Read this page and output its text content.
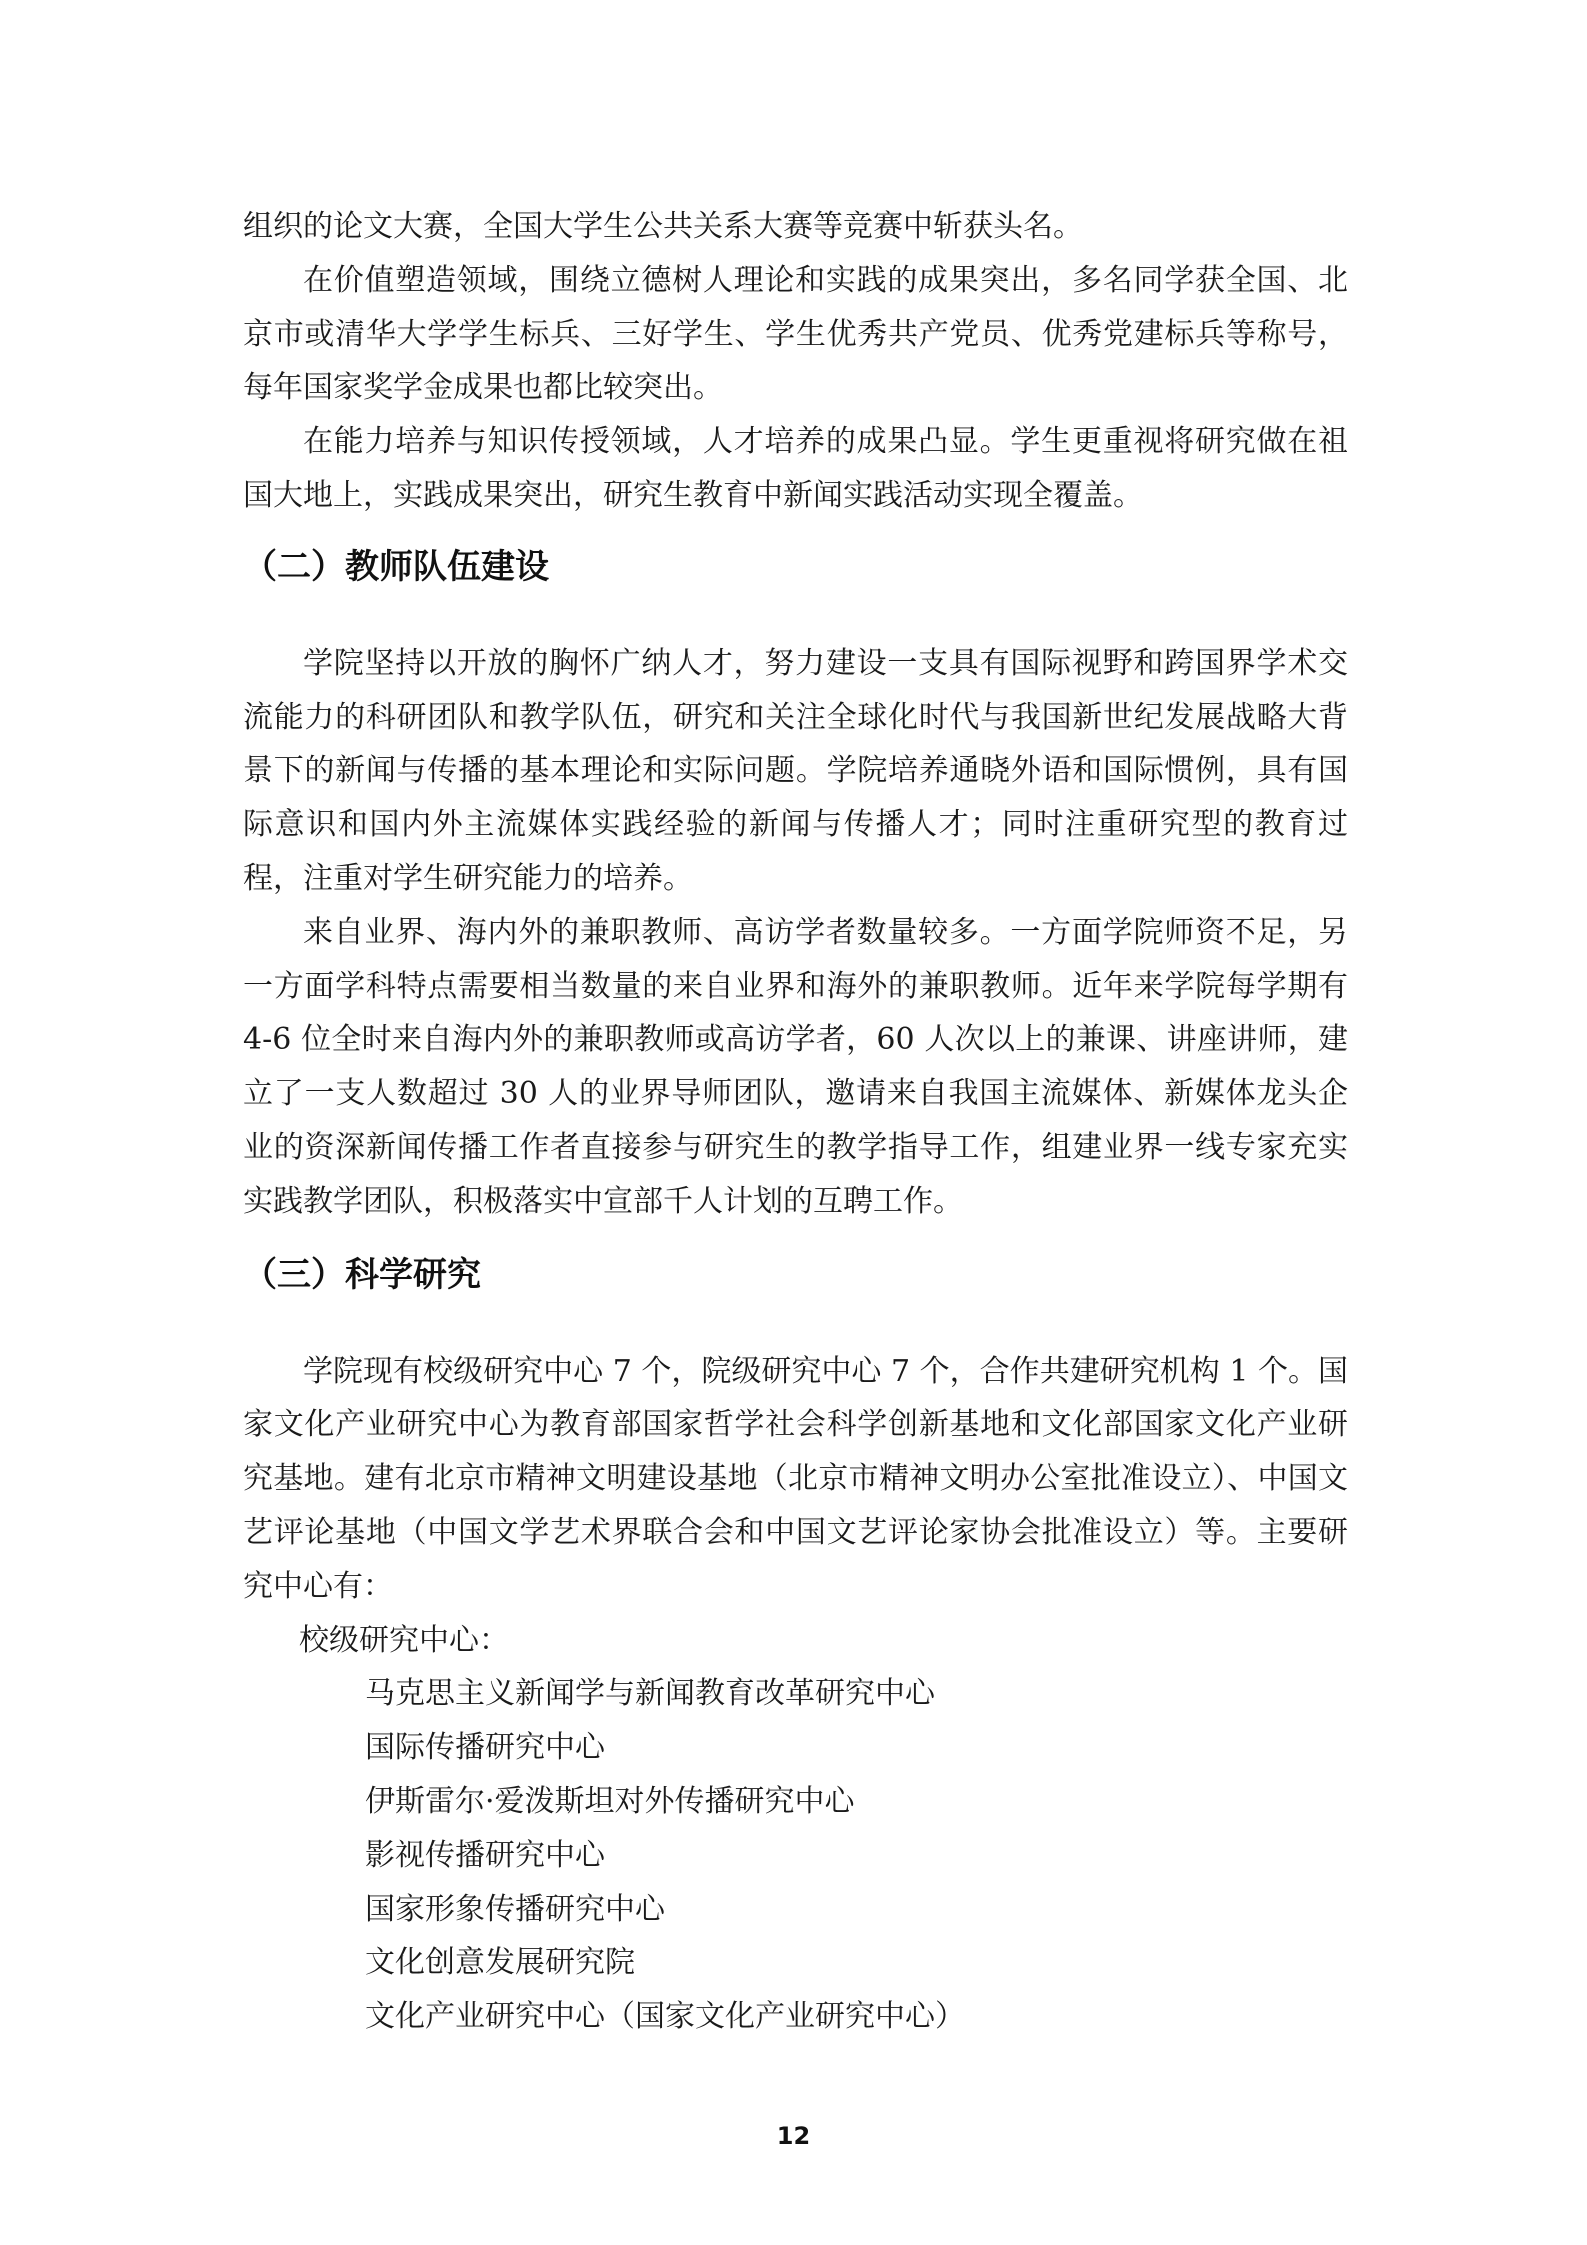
组织的论文大赛，全国大学生公共关系大赛等竞赛中斩获头名。

在价值塑造领域，围绕立德树人理论和实践的成果突出，多名同学获全国、北京市或清华大学学生标兵、三好学生、学生优秀共产党员、优秀党建标兵等称号，每年国家奖学金成果也都比较突出。

在能力培养与知识传授领域，人才培养的成果凸显。学生更重视将研究做在祖国大地上，实践成果突出，研究生教育中新闻实践活动实现全覆盖。

（二）教师队伍建设

学院坚持以开放的胸怀广纳人才，努力建设一支具有国际视野和跨国界学术交流能力的科研团队和教学队伍，研究和关注全球化时代与我国新世纪发展战略大背景下的新闻与传播的基本理论和实际问题。学院培养通晓外语和国际惯例，具有国际意识和国内外主流媒体实践经验的新闻与传播人才；同时注重研究型的教育过程，注重对学生研究能力的培养。

来自业界、海内外的兼职教师、高访学者数量较多。一方面学院师资不足，另一方面学科特点需要相当数量的来自业界和海外的兼职教师。近年来学院每学期有 4-6 位全时来自海内外的兼职教师或高访学者，60 人次以上的兼课、讲座讲师，建立了一支人数超过 30 人的业界导师团队，邀请来自我国主流媒体、新媒体龙头企业的资深新闻传播工作者直接参与研究生的教学指导工作，组建业界一线专家充实实践教学团队，积极落实中宣部千人计划的互聘工作。

（三）科学研究

学院现有校级研究中心 7 个，院级研究中心 7 个，合作共建研究机构 1 个。国家文化产业研究中心为教育部国家哲学社会科学创新基地和文化部国家文化产业研究基地。建有北京市精神文明建设基地（北京市精神文明办公室批准设立）、中国文艺评论基地（中国文学艺术界联合会和中国文艺评论家协会批准设立）等。主要研究中心有：

校级研究中心：

马克思主义新闻学与新闻教育改革研究中心
国际传播研究中心
伊斯雷尔·爱泼斯坦对外传播研究中心
影视传播研究中心
国家形象传播研究中心
文化创意发展研究院
文化产业研究中心（国家文化产业研究中心）
12
